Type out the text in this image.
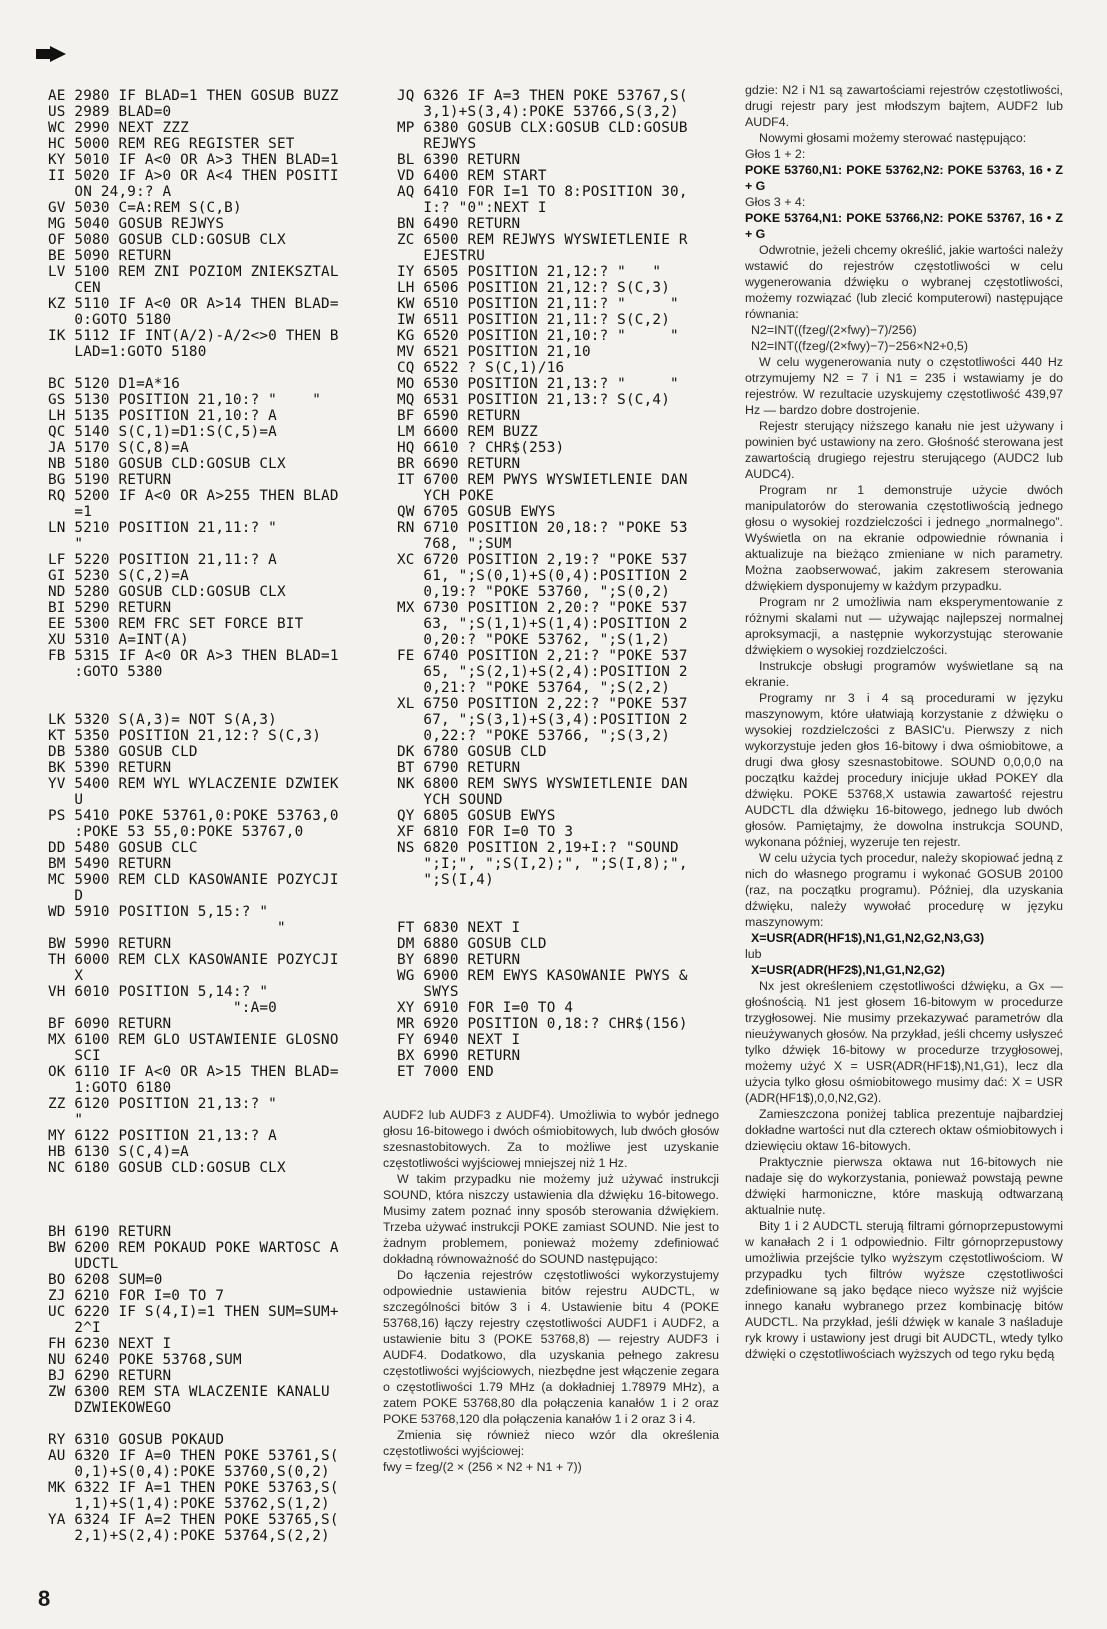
AE 2980 IF BLAD=1 THEN GOSUB BUZZ
US 2989 BLAD=0
WC 2990 NEXT ZZZ
HC 5000 REM REG REGISTER SET
KY 5010 IF A<0 OR A>3 THEN BLAD=1
II 5020 IF A>0 OR A<4 THEN POSITI
ON 24,9:? A
GV 5030 C=A:REM S(C,B)
MG 5040 GOSUB REJWYS
OF 5080 GOSUB CLD:GOSUB CLX
BE 5090 RETURN
LV 5100 REM ZNI POZIOM ZNIEKSZTAL
CEN
KZ 5110 IF A<0 OR A>14 THEN BLAD=
0:GOTO 5180
IK 5112 IF INT(A/2)-A/2<>0 THEN B
LAD=1:GOTO 5180

BC 5120 D1=A*16
GS 5130 POSITION 21,10:? "    "
LH 5135 POSITION 21,10:? A
QC 5140 S(C,1)=D1:S(C,5)=A
JA 5170 S(C,8)=A
NB 5180 GOSUB CLD:GOSUB CLX
BG 5190 RETURN
RQ 5200 IF A<0 OR A>255 THEN BLAD
=1
LN 5210 POSITION 21,11:? "
"
LF 5220 POSITION 21,11:? A
GI 5230 S(C,2)=A
ND 5280 GOSUB CLD:GOSUB CLX
BI 5290 RETURN
EE 5300 REM FRC SET FORCE BIT
XU 5310 A=INT(A)
FB 5315 IF A<0 OR A>3 THEN BLAD=1
:GOTO 5380

LK 5320 S(A,3)= NOT S(A,3)
KT 5350 POSITION 21,12:? S(C,3)
DB 5380 GOSUB CLD
BK 5390 RETURN
YV 5400 REM WYL WYLACZENIE DZWIEK
U
PS 5410 POKE 53761,0:POKE 53763,0
:POKE 53 55,0:POKE 53767,0
DD 5480 GOSUB CLC
BM 5490 RETURN
MC 5900 REM CLD KASOWANIE POZYCJI
D
WD 5910 POSITION 5,15:? "
"
BW 5990 RETURN
TH 6000 REM CLX KASOWANIE POZYCJI
X
VH 6010 POSITION 5,14:? "
":A=0
BF 6090 RETURN
MX 6100 REM GLO USTAWIENIE GLOSNO
SCI
OK 6110 IF A<0 OR A>15 THEN BLAD=
1:GOTO 6180
ZZ 6120 POSITION 21,13:? "
"
MY 6122 POSITION 21,13:? A
HB 6130 S(C,4)=A
NC 6180 GOSUB CLD:GOSUB CLX

BH 6190 RETURN
BW 6200 REM POKAUD POKE WARTOSC A
UDCTL
BO 6208 SUM=0
ZJ 6210 FOR I=0 TO 7
UC 6220 IF S(4,I)=1 THEN SUM=SUM+
2^I
FH 6230 NEXT I
NU 6240 POKE 53768,SUM
BJ 6290 RETURN
ZW 6300 REM STA WLACZENIE KANALU
DZWIEKOWEGO

RY 6310 GOSUB POKAUD
AU 6320 IF A=0 THEN POKE 53761,S(
0,1)+S(0,4):POKE 53760,S(0,2)
MK 6322 IF A=1 THEN POKE 53763,S(
1,1)+S(1,4):POKE 53762,S(1,2)
YA 6324 IF A=2 THEN POKE 53765,S(
2,1)+S(2,4):POKE 53764,S(2,2)
JQ 6326 IF A=3 THEN POKE 53767,S(
3,1)+S(3,4):POKE 53766,S(3,2)
MP 6380 GOSUB CLX:GOSUB CLD:GOSUB
REJWYS
BL 6390 RETURN
VD 6400 REM START
AQ 6410 FOR I=1 TO 8:POSITION 30,
I:? "0":NEXT I
BN 6490 RETURN
ZC 6500 REM REJWYS WYSWIETLENIE R
EJESTRU
IY 6505 POSITION 21,12:? "   "
LH 6506 POSITION 21,12:? S(C,3)
KW 6510 POSITION 21,11:? "     "
IW 6511 POSITION 21,11:? S(C,2)
KG 6520 POSITION 21,10:? "     "
MV 6521 POSITION 21,10
CQ 6522 ? S(C,1)/16
MO 6530 POSITION 21,13:? "     "
MQ 6531 POSITION 21,13:? S(C,4)
BF 6590 RETURN
LM 6600 REM BUZZ
HQ 6610 ? CHR$(253)
BR 6690 RETURN
IT 6700 REM PWYS WYSWIETLENIE DAN
YCH POKE
QW 6705 GOSUB EWYS
RN 6710 POSITION 20,18:? "POKE 53
768, ";SUM
XC 6720 POSITION 2,19:? "POKE 537
61, ";S(0,1)+S(0,4):POSITION 2
0,19:? "POKE 53760, ";S(0,2)
MX 6730 POSITION 2,20:? "POKE 537
63, ";S(1,1)+S(1,4):POSITION 2
0,20:? "POKE 53762, ";S(1,2)
FE 6740 POSITION 2,21:? "POKE 537
65, ";S(2,1)+S(2,4):POSITION 2
0,21:? "POKE 53764, ";S(2,2)
XL 6750 POSITION 2,22:? "POKE 537
67, ";S(3,1)+S(3,4):POSITION 2
0,22:? "POKE 53766, ";S(3,2)
DK 6780 GOSUB CLD
BT 6790 RETURN
NK 6800 REM SWYS WYSWIETLENIE DAN
YCH SOUND
QY 6805 GOSUB EWYS
XF 6810 FOR I=0 TO 3
NS 6820 POSITION 2,19+I:? "SOUND
";I;", ";S(I,2);", ";S(I,8);",
";S(I,4)

FT 6830 NEXT I
DM 6880 GOSUB CLD
BY 6890 RETURN
WG 6900 REM EWYS KASOWANIE PWYS &
SWYS
XY 6910 FOR I=0 TO 4
MR 6920 POSITION 0,18:? CHR$(156)
FY 6940 NEXT I
BX 6990 RETURN
ET 7000 END

AUDF2 lub AUDF3 z AUDF4). Umożliwia to wybór jednego głosu 16-bitowego i dwóch ośmiobitowych, lub dwóch głosów szesnastobitowych. Za to możliwe jest uzyskanie częstotliwości wyjściowej mniejszej niż 1 Hz.

W takim przypadku nie możemy już używać instrukcji SOUND, która niszczy ustawienia dla dźwięku 16-bitowego. Musimy zatem poznać inny sposób sterowania dźwiękiem. Trzeba używać instrukcji POKE zamiast SOUND. Nie jest to żadnym problemem, ponieważ możemy zdefiniować dokładną równoważność do SOUND następująco:

Do łączenia rejestrów częstotliwości wykorzystujemy odpowiednie ustawienia bitów rejestru AUDCTL, w szczególności bitów 3 i 4. Ustawienie bitu 4 (POKE 53768,16) łączy rejestry częstotliwości AUDF1 i AUDF2, a ustawienie bitu 3 (POKE 53768,8) — rejestry AUDF3 i AUDF4. Dodatkowo, dla uzyskania pełnego zakresu częstotliwości wyjściowych, niezbędne jest włączenie zegara o częstotliwości 1.79 MHz (a dokładniej 1.78979 MHz), a zatem POKE 53768,80 dla połączenia kanałów 1 i 2 oraz POKE 53768,120 dla połączenia kanałów 1 i 2 oraz 3 i 4.

Zmienia się również nieco wzór dla określenia częstotliwości wyjściowej:

fwy = fzeg/(2 × (256 × N2 + N1 + 7))

gdzie: N2 i N1 są zawartościami rejestrów częstotliwości, drugi rejestr pary jest młodszym bajtem, AUDF2 lub AUDF4.

Nowymi głosami możemy sterować następująco:

Głos 1 + 2:

POKE 53760,N1: POKE 53762,N2: POKE 53763, 16 • Z + G

Głos 3 + 4:

POKE 53764,N1: POKE 53766,N2: POKE 53767, 16 • Z + G

Odwrotnie, jeżeli chcemy określić, jakie wartości należy wstawić do rejestrów częstotliwości w celu wygenerowania dźwięku o wybranej częstotliwości, możemy rozwiązać (lub zlecić komputerowi) następujące równania:

N2=INT((fzeg/(2×fwy)−7)/256)

N2=INT((fzeg/(2×fwy)−7)−256×N2+0,5)

W celu wygenerowania nuty o częstotliwości 440 Hz otrzymujemy N2 = 7 i N1 = 235 i wstawiamy je do rejestrów. W rezultacie uzyskujemy częstotliwość 439,97 Hz — bardzo dobre dostrojenie.

Rejestr sterujący niższego kanału nie jest używany i powinien być ustawiony na zero. Głośność sterowana jest zawartością drugiego rejestru sterującego (AUDC2 lub AUDC4).

Program nr 1 demonstruje użycie dwóch manipulatorów do sterowania częstotliwością jednego głosu o wysokiej rozdzielczości i jednego „normalnego”. Wyświetla on na ekranie odpowiednie równania i aktualizuje na bieżąco zmieniane w nich parametry. Można zaobserwować, jakim zakresem sterowania dźwiękiem dysponujemy w każdym przypadku.

Program nr 2 umożliwia nam eksperymentowanie z różnymi skalami nut — używając najlepszej normalnej aproksymacji, a następnie wykorzystując sterowanie dźwiękiem o wysokiej rozdzielczości.

Instrukcje obsługi programów wyświetlane są na ekranie.

Programy nr 3 i 4 są procedurami w języku maszynowym, które ułatwiają korzystanie z dźwięku o wysokiej rozdzielczości z BASIC'u. Pierwszy z nich wykorzystuje jeden głos 16-bitowy i dwa ośmiobitowe, a drugi dwa głosy szesnastobitowe. SOUND 0,0,0,0 na początku każdej procedury inicjuje układ POKEY dla dźwięku. POKE 53768,X ustawia zawartość rejestru AUDCTL dla dźwięku 16-bitowego, jednego lub dwóch głosów. Pamiętajmy, że dowolna instrukcja SOUND, wykonana później, wyzeruje ten rejestr.

W celu użycia tych procedur, należy skopiować jedną z nich do własnego programu i wykonać GOSUB 20100 (raz, na początku programu). Później, dla uzyskania dźwięku, należy wywołać procedurę w języku maszynowym:

X=USR(ADR(HF1$),N1,G1,N2,G2,N3,G3)

lub

X=USR(ADR(HF2$),N1,G1,N2,G2)

Nx jest określeniem częstotliwości dźwięku, a Gx — głośnością. N1 jest głosem 16-bitowym w procedurze trzygłosowej. Nie musimy przekazywać parametrów dla nieużywanych głosów. Na przykład, jeśli chcemy usłyszeć tylko dźwięk 16-bitowy w procedurze trzygłosowej, możemy użyć X = USR(ADR(HF1$),N1,G1), lecz dla użycia tylko głosu ośmiobitowego musimy dać: X = USR (ADR(HF1$),0,0,N2,G2).

Zamieszczona poniżej tablica prezentuje najbardziej dokładne wartości nut dla czterech oktaw ośmiobitowych i dziewięciu oktaw 16-bitowych.

Praktycznie pierwsza oktawa nut 16-bitowych nie nadaje się do wykorzystania, ponieważ powstają pewne dźwięki harmoniczne, które maskują odtwarzaną aktualnie nutę.

Bity 1 i 2 AUDCTL sterują filtrami górnoprzepustowymi w kanałach 2 i 1 odpowiednio. Filtr górnoprzepustowy umożliwia przejście tylko wyższym częstotliwościom. W przypadku tych filtrów wyższe częstotliwości zdefiniowane są jako będące nieco wyższe niż wyjście innego kanału wybranego przez kombinację bitów AUDCTL. Na przykład, jeśli dźwięk w kanale 3 naśladuje ryk krowy i ustawiony jest drugi bit AUDCTL, wtedy tylko dźwięki o częstotliwościach wyższych od tego ryku będą

8
